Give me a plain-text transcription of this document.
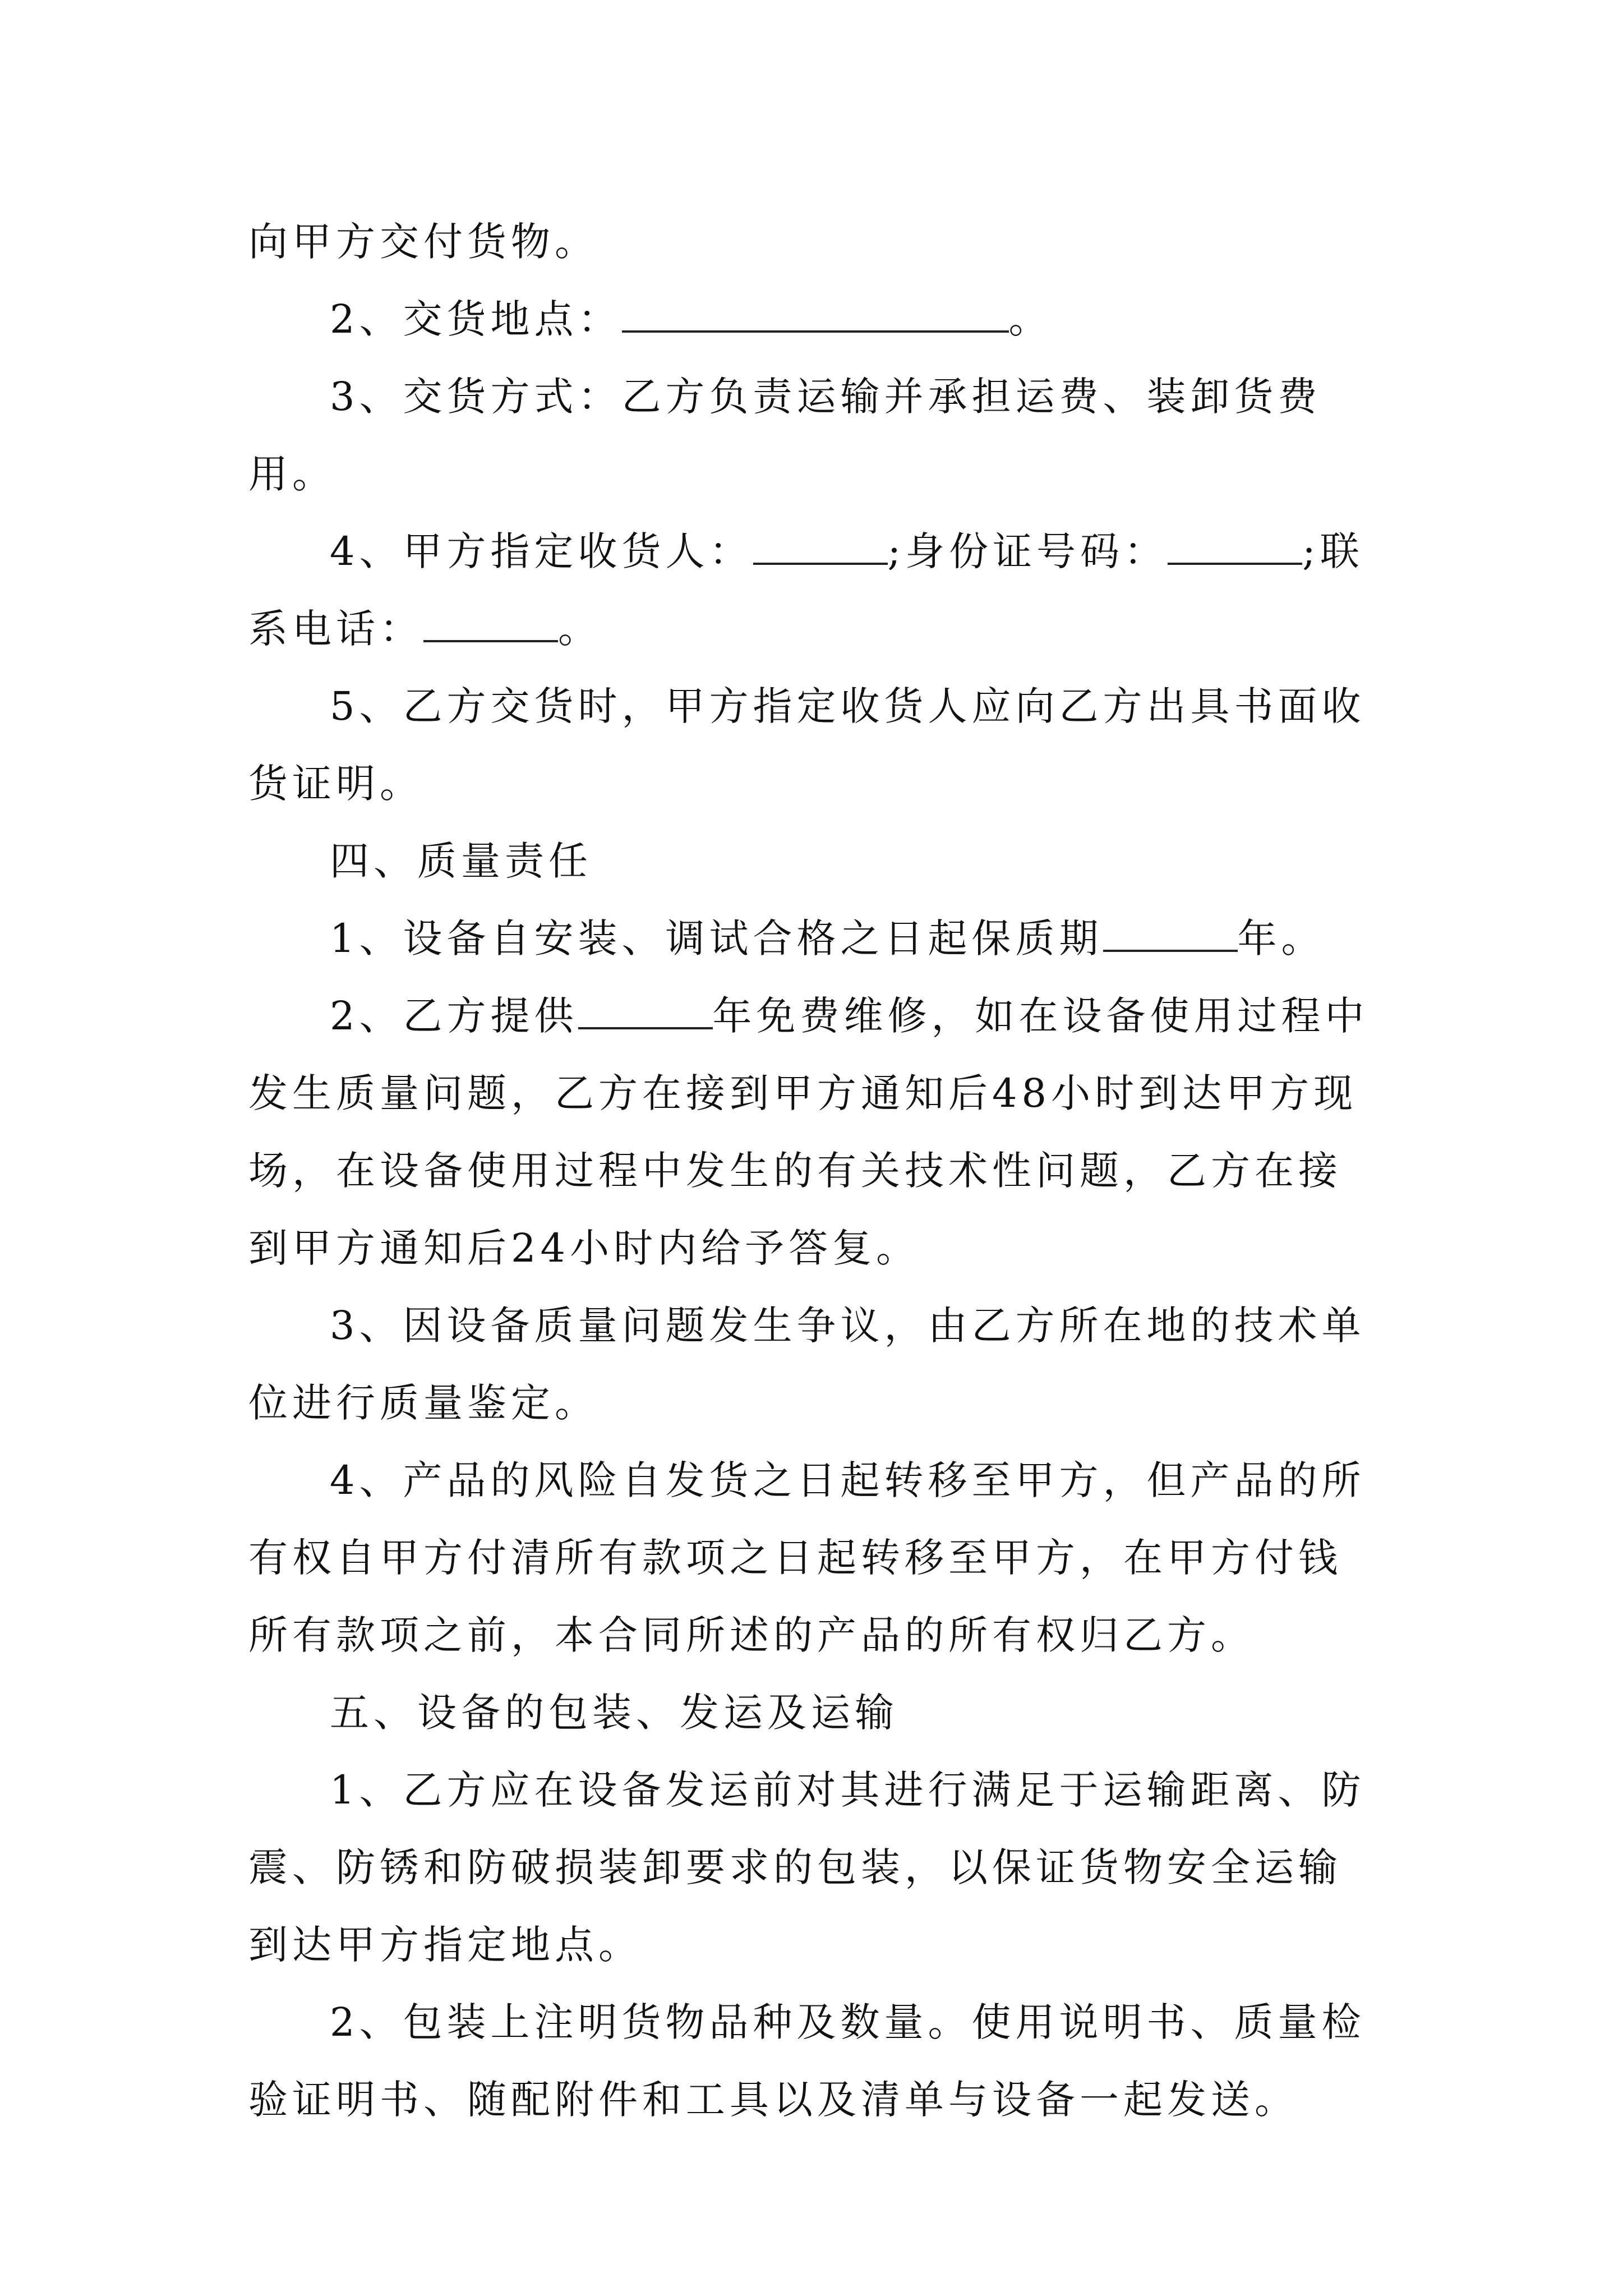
向甲方交付货物。

2、交货地点：	。

3、交货方式：乙方负责运输并承担运费、装卸货费用。

4、甲方指定收货人：	;身份证号码：	;联系电话：	。

5、乙方交货时，甲方指定收货人应向乙方出具书面收货证明。

四、质量责任

1、设备自安装、调试合格之日起保质期	年。

2、乙方提供	年免费维修，如在设备使用过程中发生质量问题，乙方在接到甲方通知后48小时到达甲方现场，在设备使用过程中发生的有关技术性问题，乙方在接到甲方通知后24小时内给予答复。

3、因设备质量问题发生争议，由乙方所在地的技术单位进行质量鉴定。

4、产品的风险自发货之日起转移至甲方，但产品的所有权自甲方付清所有款项之日起转移至甲方，在甲方付钱所有款项之前，本合同所述的产品的所有权归乙方。

五、设备的包装、发运及运输

1、乙方应在设备发运前对其进行满足于运输距离、防震、防锈和防破损装卸要求的包装，以保证货物安全运输到达甲方指定地点。

2、包装上注明货物品种及数量。使用说明书、质量检验证明书、随配附件和工具以及清单与设备一起发送。
